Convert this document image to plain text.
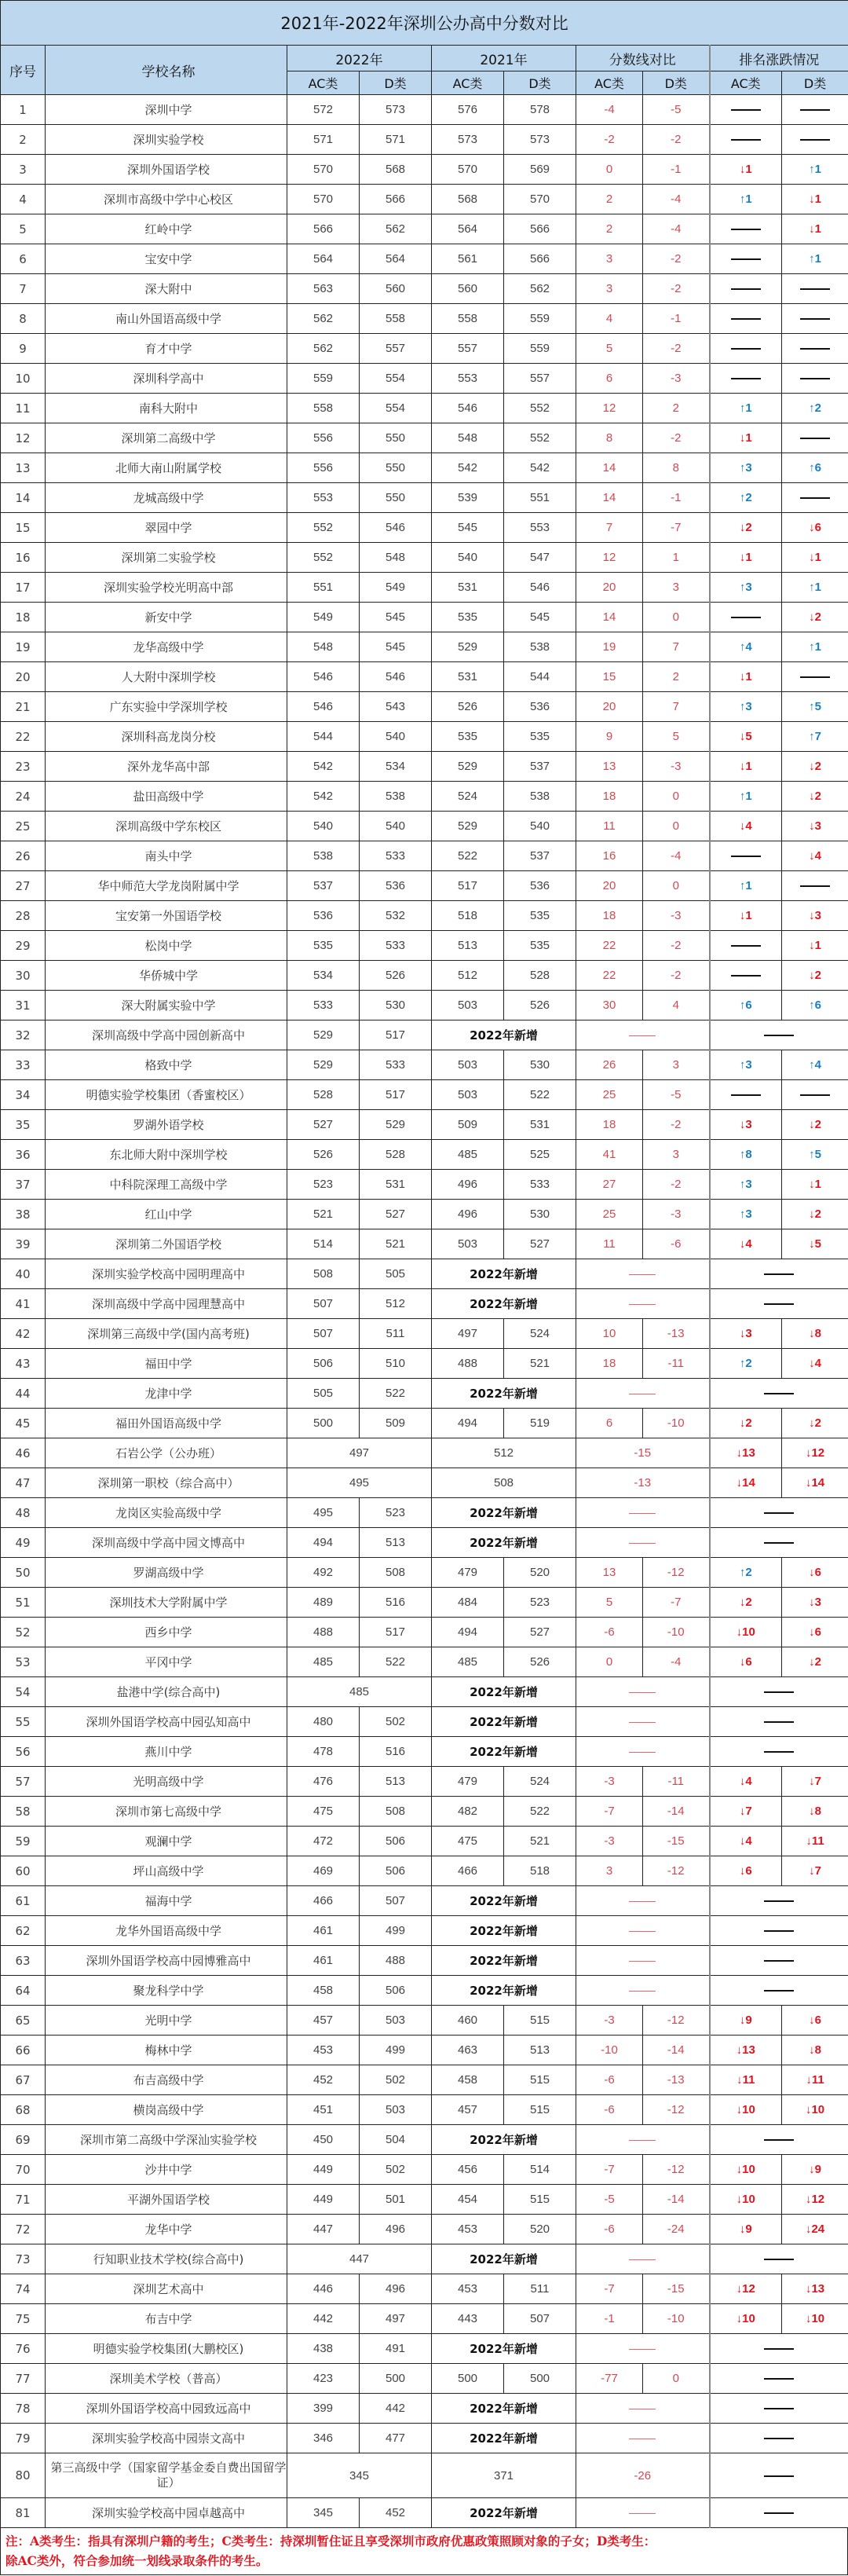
2021年-2022年深圳公办高中分数对比									
序号	学校名称	2022年		2021年		分数线对比		排名涨跌情况	
		AC类	D类	AC类	D类	AC类	D类	AC类	D类
1	深圳中学	572	573	576	578	-4	-5		
2	深圳实验学校	571	571	573	573	-2	-2		
3	深圳外国语学校	570	568	570	569	0	-1	↓1	↑1
4	深圳市高级中学中心校区	570	566	568	570	2	-4	↑1	↓1
5	红岭中学	566	562	564	566	2	-4		↓1
6	宝安中学	564	564	561	566	3	-2		↑1
7	深大附中	563	560	560	562	3	-2		
8	南山外国语高级中学	562	558	558	559	4	-1		
9	育才中学	562	557	557	559	5	-2		
10	深圳科学高中	559	554	553	557	6	-3		
11	南科大附中	558	554	546	552	12	2	↑1	↑2
12	深圳第二高级中学	556	550	548	552	8	-2	↓1	
13	北师大南山附属学校	556	550	542	542	14	8	↑3	↑6
14	龙城高级中学	553	550	539	551	14	-1	↑2	
15	翠园中学	552	546	545	553	7	-7	↓2	↓6
16	深圳第二实验学校	552	548	540	547	12	1	↓1	↓1
17	深圳实验学校光明高中部	551	549	531	546	20	3	↑3	↑1
18	新安中学	549	545	535	545	14	0		↓2
19	龙华高级中学	548	545	529	538	19	7	↑4	↑1
20	人大附中深圳学校	546	546	531	544	15	2	↓1	
21	广东实验中学深圳学校	546	543	526	536	20	7	↑3	↑5
22	深圳科高龙岗分校	544	540	535	535	9	5	↓5	↑7
23	深外龙华高中部	542	534	529	537	13	-3	↓1	↓2
24	盐田高级中学	542	538	524	538	18	0	↑1	↓2
25	深圳高级中学东校区	540	540	529	540	11	0	↓4	↓3
26	南头中学	538	533	522	537	16	-4		↓4
27	华中师范大学龙岗附属中学	537	536	517	536	20	0	↑1	
28	宝安第一外国语学校	536	532	518	535	18	-3	↓1	↓3
29	松岗中学	535	533	513	535	22	-2		↓1
30	华侨城中学	534	526	512	528	22	-2		↓2
31	深大附属实验中学	533	530	503	526	30	4	↑6	↑6
32	深圳高级中学高中园创新高中	529	517	2022年新增					
33	格致中学	529	533	503	530	26	3	↑3	↑4
34	明德实验学校集团（香蜜校区）	528	517	503	522	25	-5		
35	罗湖外语学校	527	529	509	531	18	-2	↓3	↓2
36	东北师大附中深圳学校	526	528	485	525	41	3	↑8	↑5
37	中科院深理工高级中学	523	531	496	533	27	-2	↑3	↓1
38	红山中学	521	527	496	530	25	-3	↑3	↓2
39	深圳第二外国语学校	514	521	503	527	11	-6	↓4	↓5
40	深圳实验学校高中园明理高中	508	505	2022年新增					
41	深圳高级中学高中园理慧高中	507	512	2022年新增					
42	深圳第三高级中学(国内高考班)	507	511	497	524	10	-13	↓3	↓8
43	福田中学	506	510	488	521	18	-11	↑2	↓4
44	龙津中学	505	522	2022年新增					
45	福田外国语高级中学	500	509	494	519	6	-10	↓2	↓2
46	石岩公学（公办班）	497		512		-15		↓13	↓12
47	深圳第一职校（综合高中）	495		508		-13		↓14	↓14
48	龙岗区实验高级中学	495	523	2022年新增					
49	深圳高级中学高中园文博高中	494	513	2022年新增					
50	罗湖高级中学	492	508	479	520	13	-12	↑2	↓6
51	深圳技术大学附属中学	489	516	484	523	5	-7	↓2	↓3
52	西乡中学	488	517	494	527	-6	-10	↓10	↓6
53	平冈中学	485	522	485	526	0	-4	↓6	↓2
54	盐港中学(综合高中)	485		2022年新增					
55	深圳外国语学校高中园弘知高中	480	502	2022年新增					
56	燕川中学	478	516	2022年新增					
57	光明高级中学	476	513	479	524	-3	-11	↓4	↓7
58	深圳市第七高级中学	475	508	482	522	-7	-14	↓7	↓8
59	观澜中学	472	506	475	521	-3	-15	↓4	↓11
60	坪山高级中学	469	506	466	518	3	-12	↓6	↓7
61	福海中学	466	507	2022年新增					
62	龙华外国语高级中学	461	499	2022年新增					
63	深圳外国语学校高中园博雅高中	461	488	2022年新增					
64	聚龙科学中学	458	506	2022年新增					
65	光明中学	457	503	460	515	-3	-12	↓9	↓6
66	梅林中学	453	499	463	513	-10	-14	↓13	↓8
67	布吉高级中学	452	502	458	515	-6	-13	↓11	↓11
68	横岗高级中学	451	503	457	515	-6	-12	↓10	↓10
69	深圳市第二高级中学深汕实验学校	450	504	2022年新增					
70	沙井中学	449	502	456	514	-7	-12	↓10	↓9
71	平湖外国语学校	449	501	454	515	-5	-14	↓10	↓12
72	龙华中学	447	496	453	520	-6	-24	↓9	↓24
73	行知职业技术学校(综合高中)	447		2022年新增					
74	深圳艺术高中	446	496	453	511	-7	-15	↓12	↓13
75	布吉中学	442	497	443	507	-1	-10	↓10	↓10
76	明德实验学校集团(大鹏校区)	438	491	2022年新增					
77	深圳美术学校（普高）	423	500	500	500	-77	0		
78	深圳外国语学校高中园致远高中	399	442	2022年新增					
79	深圳实验学校高中园崇文高中	346	477	2022年新增					
80	第三高级中学（国家留学基金委自费出国留学证）	345		371		-26			
81	深圳实验学校高中园卓越高中	345	452	2022年新增					
注：A类考生：指具有深圳户籍的考生；C类考生：持深圳暂住证且享受深圳市政府优惠政策照顾对象的子女；D类考生：
除AC类外，符合参加统一划线录取条件的考生。
